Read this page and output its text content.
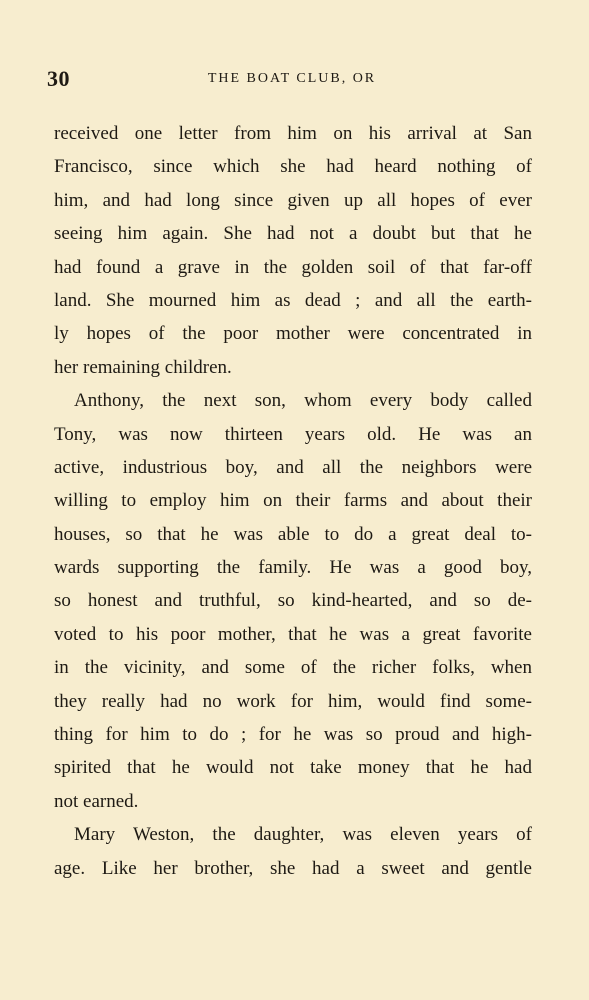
30	THE BOAT CLUB, OR
received one letter from him on his arrival at San
Francisco, since which she had heard nothing of
him, and had long since given up all hopes of ever
seeing him again. She had not a doubt but that he
had found a grave in the golden soil of that far-off
land. She mourned him as dead ; and all the earth-
ly hopes of the poor mother were concentrated in
her remaining children.
Anthony, the next son, whom every body called
Tony, was now thirteen years old. He was an
active, industrious boy, and all the neighbors were
willing to employ him on their farms and about their
houses, so that he was able to do a great deal to-
wards supporting the family. He was a good boy,
so honest and truthful, so kind-hearted, and so de-
voted to his poor mother, that he was a great favorite
in the vicinity, and some of the richer folks, when
they really had no work for him, would find some-
thing for him to do ; for he was so proud and high-
spirited that he would not take money that he had
not earned.
Mary Weston, the daughter, was eleven years of
age. Like her brother, she had a sweet and gentle
